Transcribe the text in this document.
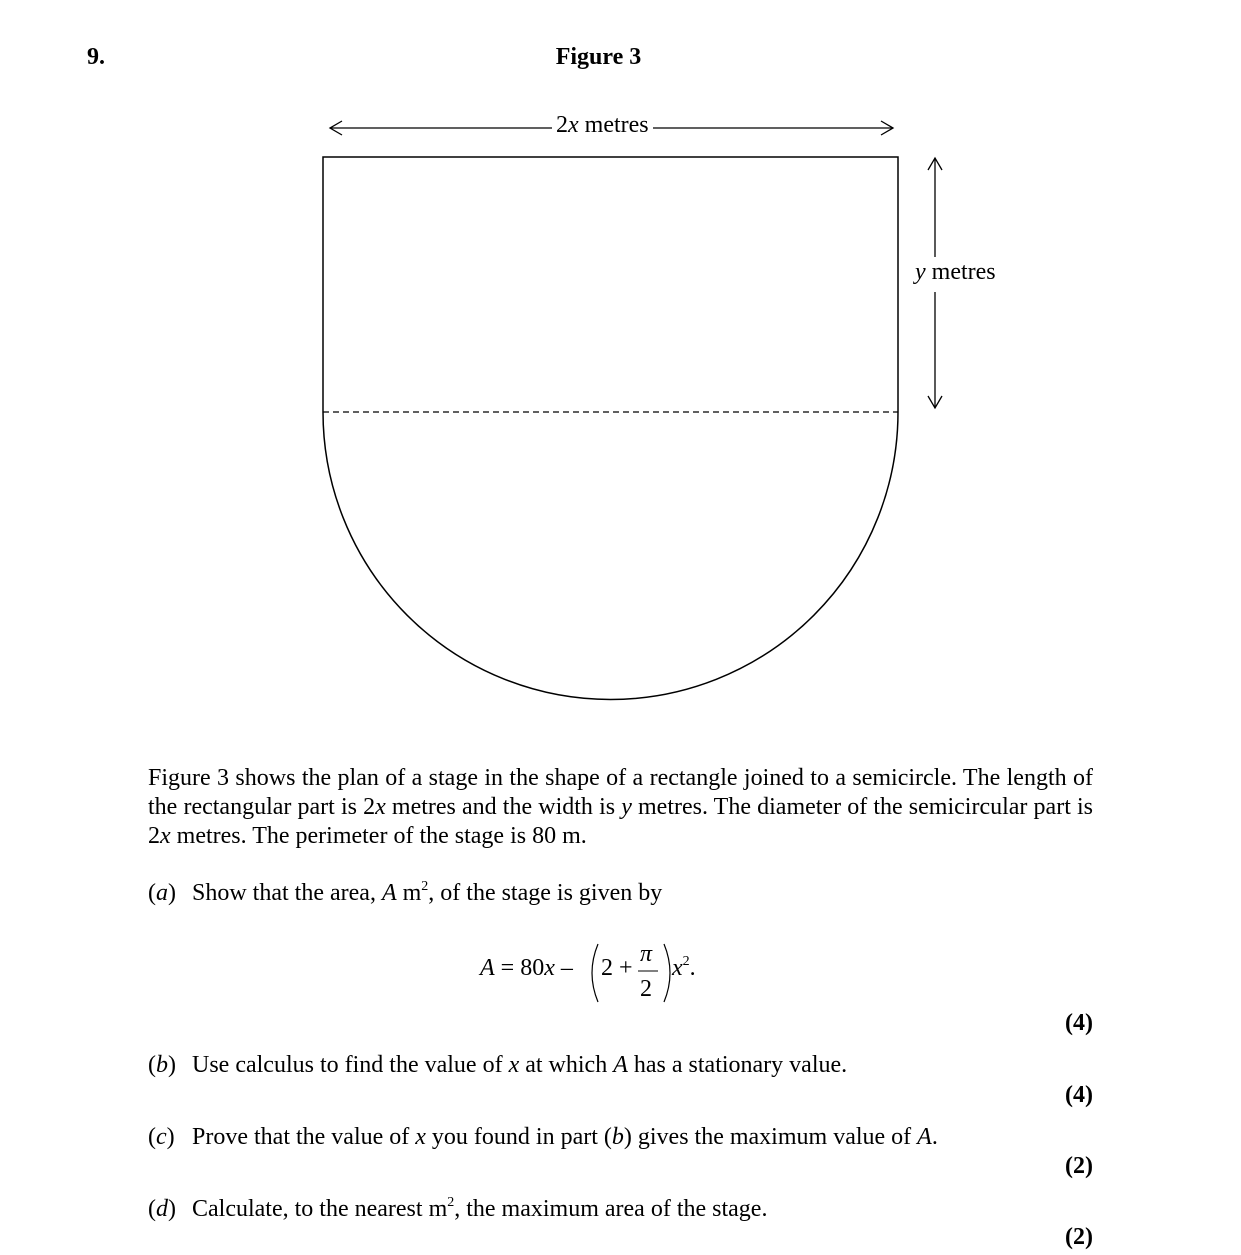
9.	Figure 3
2x metres
y metres
Figure 3 shows the plan of a stage in the shape of a rectangle joined to a semicircle. The length of the rectangular part is 2x metres and the width is y metres. The diameter of the semicircular part is 2x metres. The perimeter of the stage is 80 m.
(a) Show that the area, A $m^2$, of the stage is given by
A = 80x – 2 +
π
2
$x^2$.
(4)
(b) Use calculus to find the value of x at which A has a stationary value.
(4)
(c) Prove that the value of x you found in part (b) gives the maximum value of A.
(2)
(d) Calculate, to the nearest $m^2$, the maximum area of the stage.
(2)
